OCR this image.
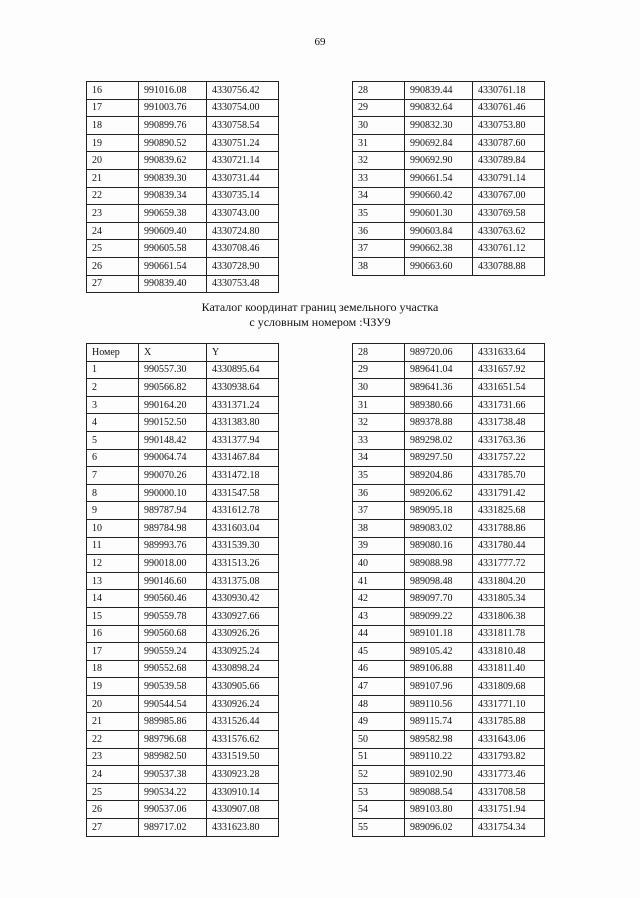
69
16	991016.08	4330756.42
17	991003.76	4330754.00
18	990899.76	4330758.54
19	990890.52	4330751.24
20	990839.62	4330721.14
21	990839.30	4330731.44
22	990839.34	4330735.14
23	990659.38	4330743.00
24	990609.40	4330724.80
25	990605.58	4330708.46
26	990661.54	4330728.90
27	990839.40	4330753.48
28	990839.44	4330761.18
29	990832.64	4330761.46
30	990832.30	4330753.80
31	990692.84	4330787.60
32	990692.90	4330789.84
33	990661.54	4330791.14
34	990660.42	4330767.00
35	990601.30	4330769.58
36	990603.84	4330763.62
37	990662.38	4330761.12
38	990663.60	4330788.88
Каталог координат границ земельного участка
с условным номером :ЧЗУ9
Номер	X	Y
1	990557.30	4330895.64
2	990566.82	4330938.64
3	990164.20	4331371.24
4	990152.50	4331383.80
5	990148.42	4331377.94
6	990064.74	4331467.84
7	990070.26	4331472.18
8	990000.10	4331547.58
9	989787.94	4331612.78
10	989784.98	4331603.04
11	989993.76	4331539.30
12	990018.00	4331513.26
13	990146.60	4331375.08
14	990560.46	4330930.42
15	990559.78	4330927.66
16	990560.68	4330926.26
17	990559.24	4330925.24
18	990552.68	4330898.24
19	990539.58	4330905.66
20	990544.54	4330926.24
21	989985.86	4331526.44
22	989796.68	4331576.62
23	989982.50	4331519.50
24	990537.38	4330923.28
25	990534.22	4330910.14
26	990537.06	4330907.08
27	989717.02	4331623.80
28	989720.06	4331633.64
29	989641.04	4331657.92
30	989641.36	4331651.54
31	989380.66	4331731.66
32	989378.88	4331738.48
33	989298.02	4331763.36
34	989297.50	4331757.22
35	989204.86	4331785.70
36	989206.62	4331791.42
37	989095.18	4331825.68
38	989083.02	4331788.86
39	989080.16	4331780.44
40	989088.98	4331777.72
41	989098.48	4331804.20
42	989097.70	4331805.34
43	989099.22	4331806.38
44	989101.18	4331811.78
45	989105.42	4331810.48
46	989106.88	4331811.40
47	989107.96	4331809.68
48	989110.56	4331771.10
49	989115.74	4331785.88
50	989582.98	4331643.06
51	989110.22	4331793.82
52	989102.90	4331773.46
53	989088.54	4331708.58
54	989103.80	4331751.94
55	989096.02	4331754.34
